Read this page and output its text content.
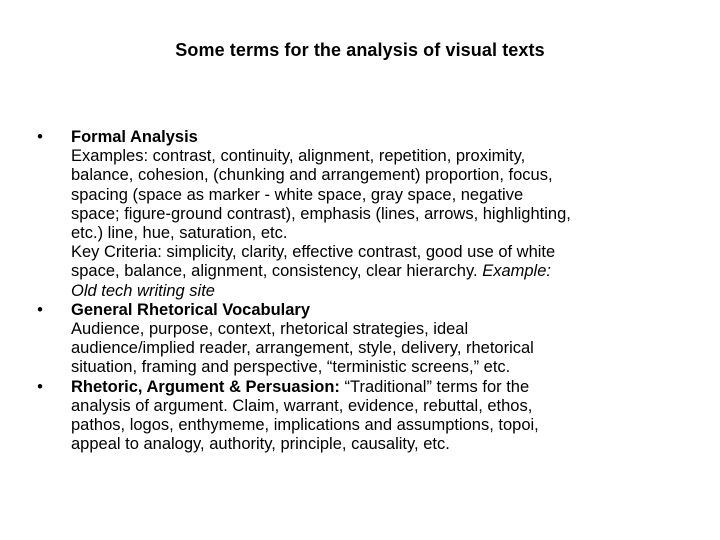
Some terms for the analysis of visual texts
•	Formal Analysis
Examples: contrast, continuity, alignment, repetition, proximity,
balance, cohesion, (chunking and arrangement) proportion, focus,
spacing (space as marker - white space, gray space, negative
space; figure-ground contrast), emphasis (lines, arrows, highlighting,
etc.) line, hue, saturation, etc.
Key Criteria: simplicity, clarity, effective contrast, good use of white
space, balance, alignment, consistency, clear hierarchy. Example:
Old tech writing site
•	General Rhetorical Vocabulary
Audience, purpose, context, rhetorical strategies, ideal
audience/implied reader, arrangement, style, delivery, rhetorical
situation, framing and perspective, “terministic screens,” etc.
•	Rhetoric, Argument & Persuasion: “Traditional” terms for the
analysis of argument. Claim, warrant, evidence, rebuttal, ethos,
pathos, logos, enthymeme, implications and assumptions, topoi,
appeal to analogy, authority, principle, causality, etc.
